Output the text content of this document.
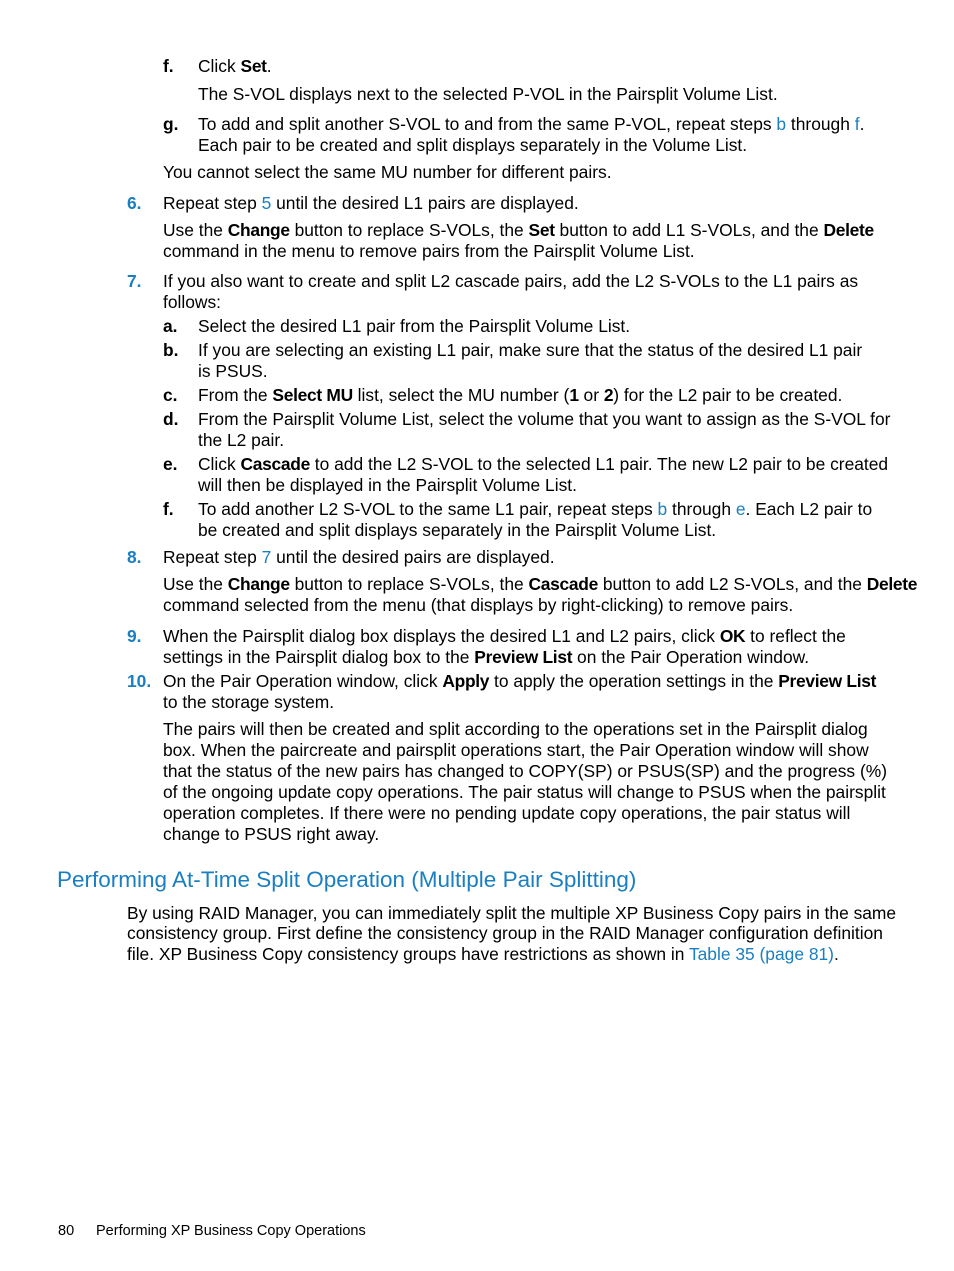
f. Click Set.
The S-VOL displays next to the selected P-VOL in the Pairsplit Volume List.
g. To add and split another S-VOL to and from the same P-VOL, repeat steps b through f.
Each pair to be created and split displays separately in the Volume List.
You cannot select the same MU number for different pairs.
6. Repeat step 5 until the desired L1 pairs are displayed.
Use the Change button to replace S-VOLs, the Set button to add L1 S-VOLs, and the Delete
command in the menu to remove pairs from the Pairsplit Volume List.
7. If you also want to create and split L2 cascade pairs, add the L2 S-VOLs to the L1 pairs as
follows:
a. Select the desired L1 pair from the Pairsplit Volume List.
b. If you are selecting an existing L1 pair, make sure that the status of the desired L1 pair
is PSUS.
c. From the Select MU list, select the MU number (1 or 2) for the L2 pair to be created.
d. From the Pairsplit Volume List, select the volume that you want to assign as the S-VOL for
the L2 pair.
e. Click Cascade to add the L2 S-VOL to the selected L1 pair. The new L2 pair to be created
will then be displayed in the Pairsplit Volume List.
f. To add another L2 S-VOL to the same L1 pair, repeat steps b through e. Each L2 pair to
be created and split displays separately in the Pairsplit Volume List.
8. Repeat step 7 until the desired pairs are displayed.
Use the Change button to replace S-VOLs, the Cascade button to add L2 S-VOLs, and the Delete
command selected from the menu (that displays by right-clicking) to remove pairs.
9. When the Pairsplit dialog box displays the desired L1 and L2 pairs, click OK to reflect the
settings in the Pairsplit dialog box to the Preview List on the Pair Operation window.
10. On the Pair Operation window, click Apply to apply the operation settings in the Preview List
to the storage system.
The pairs will then be created and split according to the operations set in the Pairsplit dialog
box. When the paircreate and pairsplit operations start, the Pair Operation window will show
that the status of the new pairs has changed to COPY(SP) or PSUS(SP) and the progress (%)
of the ongoing update copy operations. The pair status will change to PSUS when the pairsplit
operation completes. If there were no pending update copy operations, the pair status will
change to PSUS right away.
Performing At-Time Split Operation (Multiple Pair Splitting)
By using RAID Manager, you can immediately split the multiple XP Business Copy pairs in the same
consistency group. First define the consistency group in the RAID Manager configuration definition
file. XP Business Copy consistency groups have restrictions as shown in Table 35 (page 81).
80 Performing XP Business Copy Operations
